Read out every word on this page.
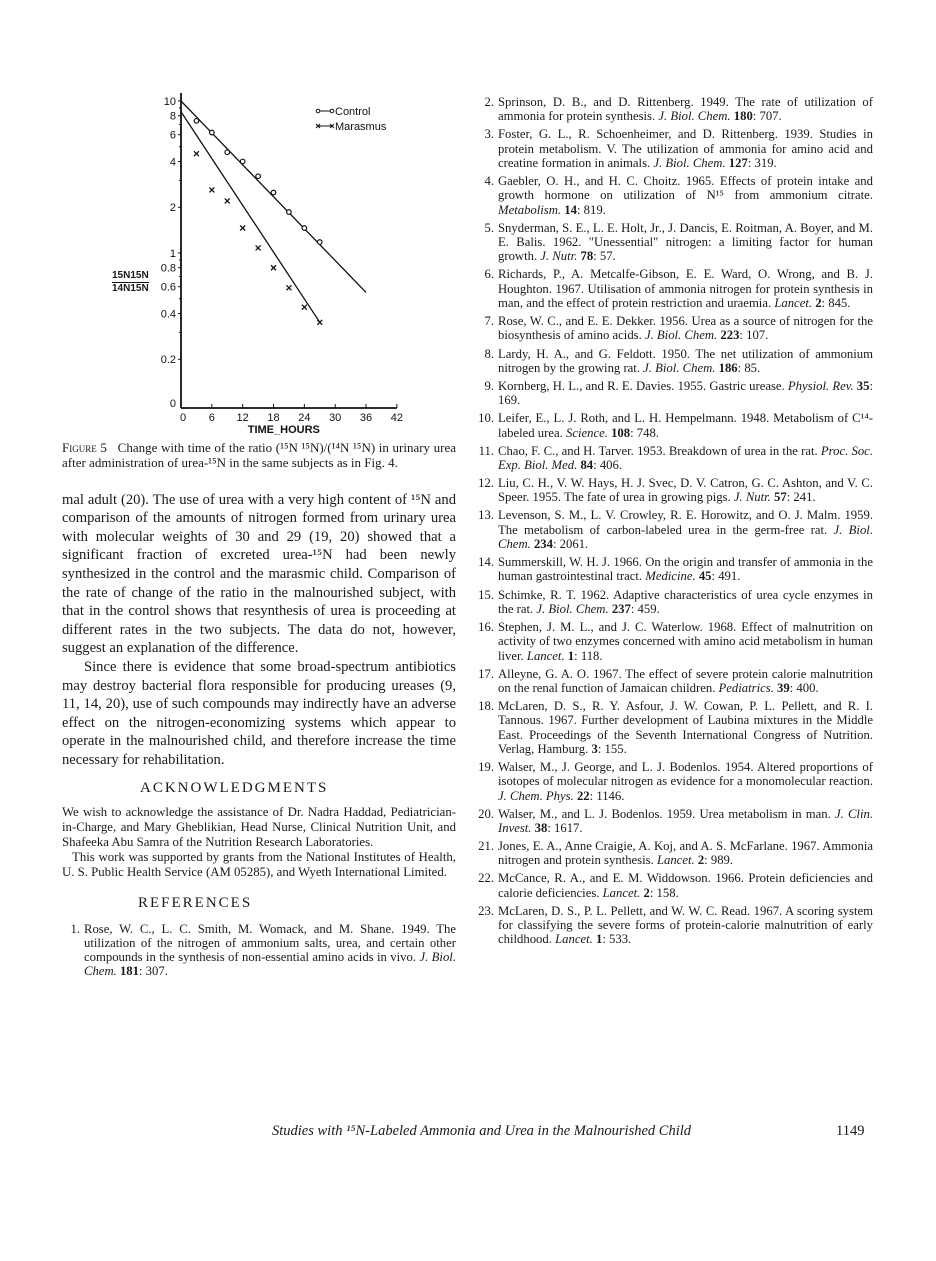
0 6 12 18 24 30 36 42
TIME_HOURS
10
8
6
4
2
1
0.8
0.6
0.4
0.2
0
Control
Marasmus
15N15N
14N15N
Figure 5 Change with time of the ratio (¹⁵N ¹⁵N)/(¹⁴N ¹⁵N) in urinary urea after administration of urea-¹⁵N in the same subjects as in Fig. 4.

mal adult (20). The use of urea with a very high content of ¹⁵N and comparison of the amounts of nitrogen formed from urinary urea with molecular weights of 30 and 29 (19, 20) showed that a significant fraction of excreted urea-¹⁵N had been newly synthesized in the control and the marasmic child. Comparison of the rate of change of the ratio in the malnourished subject, with that in the control shows that resynthesis of urea is proceeding at different rates in the two subjects. The data do not, however, suggest an explanation of the difference.

Since there is evidence that some broad-spectrum antibiotics may destroy bacterial flora responsible for producing ureases (9, 11, 14, 20), use of such compounds may indirectly have an adverse effect on the nitrogen-economizing systems which appear to operate in the malnourished child, and therefore increase the time necessary for rehabilitation.

ACKNOWLEDGMENTS

We wish to acknowledge the assistance of Dr. Nadra Haddad, Pediatrician-in-Charge, and Mary Gheblikian, Head Nurse, Clinical Nutrition Unit, and Shafeeka Abu Samra of the Nutrition Research Laboratories.

This work was supported by grants from the National Institutes of Health, U. S. Public Health Service (AM 05285), and Wyeth International Limited.

REFERENCES
1. Rose, W. C., L. C. Smith, M. Womack, and M. Shane. 1949. The utilization of the nitrogen of ammonium salts, urea, and certain other compounds in the synthesis of non-essential amino acids in vivo. J. Biol. Chem. 181: 307.
2. Sprinson, D. B., and D. Rittenberg. 1949. The rate of utilization of ammonia for protein synthesis. J. Biol. Chem. 180: 707.
3. Foster, G. L., R. Schoenheimer, and D. Rittenberg. 1939. Studies in protein metabolism. V. The utilization of ammonia for amino acid and creatine formation in animals. J. Biol. Chem. 127: 319.
4. Gaebler, O. H., and H. C. Choitz. 1965. Effects of protein intake and growth hormone on utilization of N¹⁵ from ammonium citrate. Metabolism. 14: 819.
5. Snyderman, S. E., L. E. Holt, Jr., J. Dancis, E. Roitman, A. Boyer, and M. E. Balis. 1962. "Unessential" nitrogen: a limiting factor for human growth. J. Nutr. 78: 57.
6. Richards, P., A. Metcalfe-Gibson, E. E. Ward, O. Wrong, and B. J. Houghton. 1967. Utilisation of ammonia nitrogen for protein synthesis in man, and the effect of protein restriction and uraemia. Lancet. 2: 845.
7. Rose, W. C., and E. E. Dekker. 1956. Urea as a source of nitrogen for the biosynthesis of amino acids. J. Biol. Chem. 223: 107.
8. Lardy, H. A., and G. Feldott. 1950. The net utilization of ammonium nitrogen by the growing rat. J. Biol. Chem. 186: 85.
9. Kornberg, H. L., and R. E. Davies. 1955. Gastric urease. Physiol. Rev. 35: 169.
10. Leifer, E., L. J. Roth, and L. H. Hempelmann. 1948. Metabolism of C¹⁴-labeled urea. Science. 108: 748.
11. Chao, F. C., and H. Tarver. 1953. Breakdown of urea in the rat. Proc. Soc. Exp. Biol. Med. 84: 406.
12. Liu, C. H., V. W. Hays, H. J. Svec, D. V. Catron, G. C. Ashton, and V. C. Speer. 1955. The fate of urea in growing pigs. J. Nutr. 57: 241.
13. Levenson, S. M., L. V. Crowley, R. E. Horowitz, and O. J. Malm. 1959. The metabolism of carbon-labeled urea in the germ-free rat. J. Biol. Chem. 234: 2061.
14. Summerskill, W. H. J. 1966. On the origin and transfer of ammonia in the human gastrointestinal tract. Medicine. 45: 491.
15. Schimke, R. T. 1962. Adaptive characteristics of urea cycle enzymes in the rat. J. Biol. Chem. 237: 459.
16. Stephen, J. M. L., and J. C. Waterlow. 1968. Effect of malnutrition on activity of two enzymes concerned with amino acid metabolism in human liver. Lancet. 1: 118.
17. Alleyne, G. A. O. 1967. The effect of severe protein calorie malnutrition on the renal function of Jamaican children. Pediatrics. 39: 400.
18. McLaren, D. S., R. Y. Asfour, J. W. Cowan, P. L. Pellett, and R. I. Tannous. 1967. Further development of Laubina mixtures in the Middle East. Proceedings of the Seventh International Congress of Nutrition. Verlag, Hamburg. 3: 155.
19. Walser, M., J. George, and L. J. Bodenlos. 1954. Altered proportions of isotopes of molecular nitrogen as evidence for a monomolecular reaction. J. Chem. Phys. 22: 1146.
20. Walser, M., and L. J. Bodenlos. 1959. Urea metabolism in man. J. Clin. Invest. 38: 1617.
21. Jones, E. A., Anne Craigie, A. Koj, and A. S. McFarlane. 1967. Ammonia nitrogen and protein synthesis. Lancet. 2: 989.
22. McCance, R. A., and E. M. Widdowson. 1966. Protein deficiencies and calorie deficiencies. Lancet. 2: 158.
23. McLaren, D. S., P. L. Pellett, and W. W. C. Read. 1967. A scoring system for classifying the severe forms of protein-calorie malnutrition of early childhood. Lancet. 1: 533.
Studies with ¹⁵N-Labeled Ammonia and Urea in the Malnourished Child	1149
